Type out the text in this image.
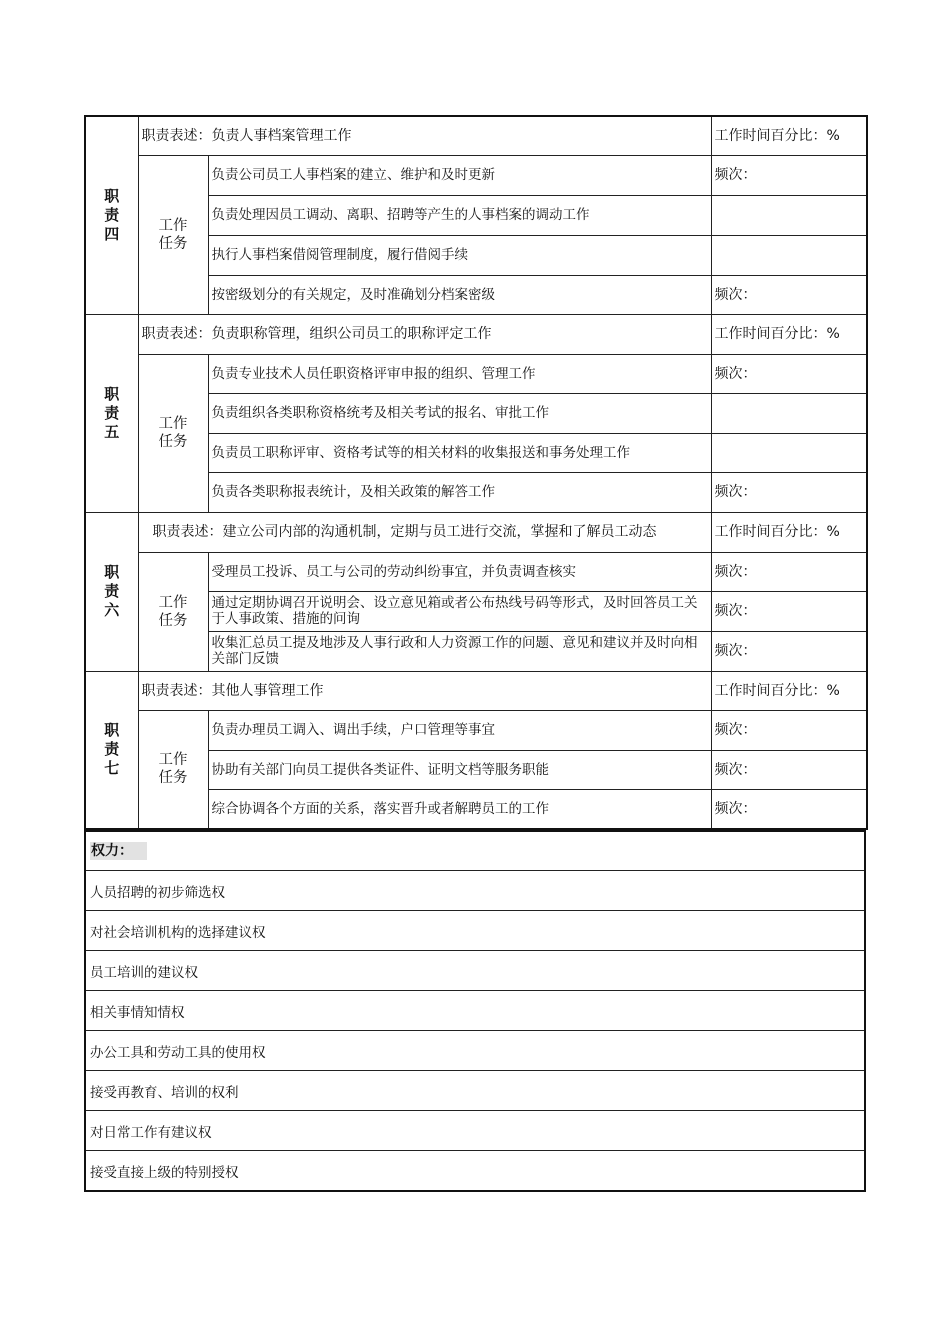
职
责
四	职责表述：负责人事档案管理工作		工作时间百分比：%
	工作
任务	负责公司员工人事档案的建立、维护和及时更新	频次：
		负责处理因员工调动、离职、招聘等产生的人事档案的调动工作	
		执行人事档案借阅管理制度，履行借阅手续	
		按密级划分的有关规定，及时准确划分档案密级	频次：
职
责
五	职责表述：负责职称管理，组织公司员工的职称评定工作		工作时间百分比：%
	工作
任务	负责专业技术人员任职资格评审申报的组织、管理工作	频次：
		负责组织各类职称资格统考及相关考试的报名、审批工作	
		负责员工职称评审、资格考试等的相关材料的收集报送和事务处理工作	
		负责各类职称报表统计，及相关政策的解答工作	频次：
职
责
六	职责表述：建立公司内部的沟通机制，定期与员工进行交流，掌握和了解员工动态		工作时间百分比：%
	工作
任务	受理员工投诉、员工与公司的劳动纠纷事宜，并负责调查核实	频次：
		通过定期协调召开说明会、设立意见箱或者公布热线号码等形式，及时回答员工关于人事政策、措施的问询	频次：
		收集汇总员工提及地涉及人事行政和人力资源工作的问题、意见和建议并及时向相关部门反馈	频次：
职
责
七	职责表述：其他人事管理工作		工作时间百分比：%
	工作
任务	负责办理员工调入、调出手续，户口管理等事宜	频次：
		协助有关部门向员工提供各类证件、证明文档等服务职能	频次：
		综合协调各个方面的关系，落实晋升或者解聘员工的工作	频次：
权力：
人员招聘的初步筛选权
对社会培训机构的选择建议权
员工培训的建议权
相关事情知情权
办公工具和劳动工具的使用权
接受再教育、培训的权利
对日常工作有建议权
接受直接上级的特别授权
